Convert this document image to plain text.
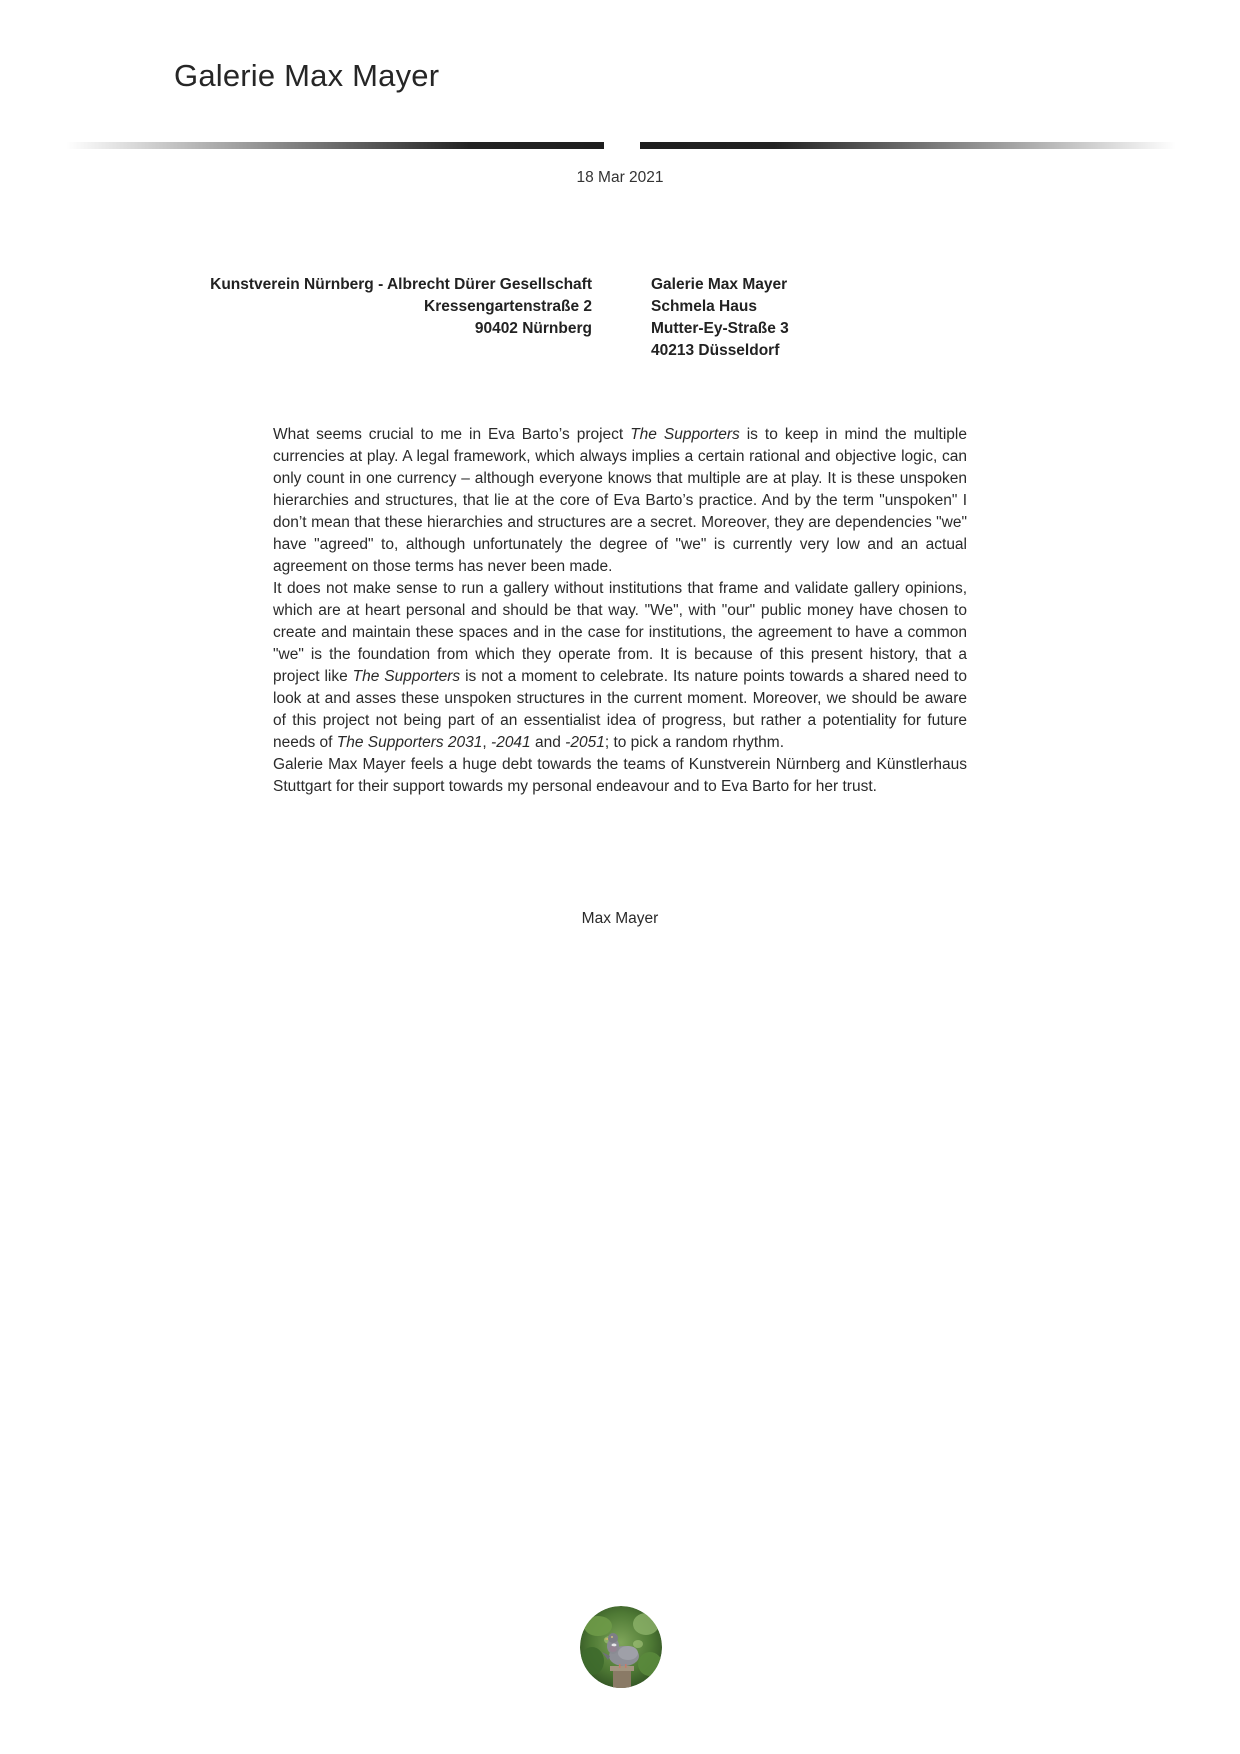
Galerie Max Mayer
18 Mar 2021
Kunstverein Nürnberg - Albrecht Dürer Gesellschaft
Kressengartenstraße 2
90402 Nürnberg
Galerie Max Mayer
Schmela Haus
Mutter-Ey-Straße 3
40213 Düsseldorf

What seems crucial to me in Eva Barto’s project The Supporters is to keep in mind the multiple currencies at play. A legal framework, which always implies a certain rational and objective logic, can only count in one currency – although everyone knows that multiple are at play. It is these unspoken hierarchies and structures, that lie at the core of Eva Barto’s practice. And by the term "unspoken" I don’t mean that these hierarchies and structures are a secret. Moreover, they are dependencies "we" have "agreed" to, although unfortunately the degree of "we" is currently very low and an actual agreement on those terms has never been made.

It does not make sense to run a gallery without institutions that frame and validate gallery opinions, which are at heart personal and should be that way. "We", with "our" public money have chosen to create and maintain these spaces and in the case for institutions, the agreement to have a common "we" is the foundation from which they operate from. It is because of this present history, that a project like The Supporters is not a moment to celebrate. Its nature points towards a shared need to look at and asses these unspoken structures in the current moment. Moreover, we should be aware of this project not being part of an essentialist idea of progress, but rather a potentiality for future needs of The Supporters 2031, -2041 and -2051; to pick a random rhythm.

Galerie Max Mayer feels a huge debt towards the teams of Kunstverein Nürnberg and Künstlerhaus Stuttgart for their support towards my personal endeavour and to Eva Barto for her trust.

Max Mayer
